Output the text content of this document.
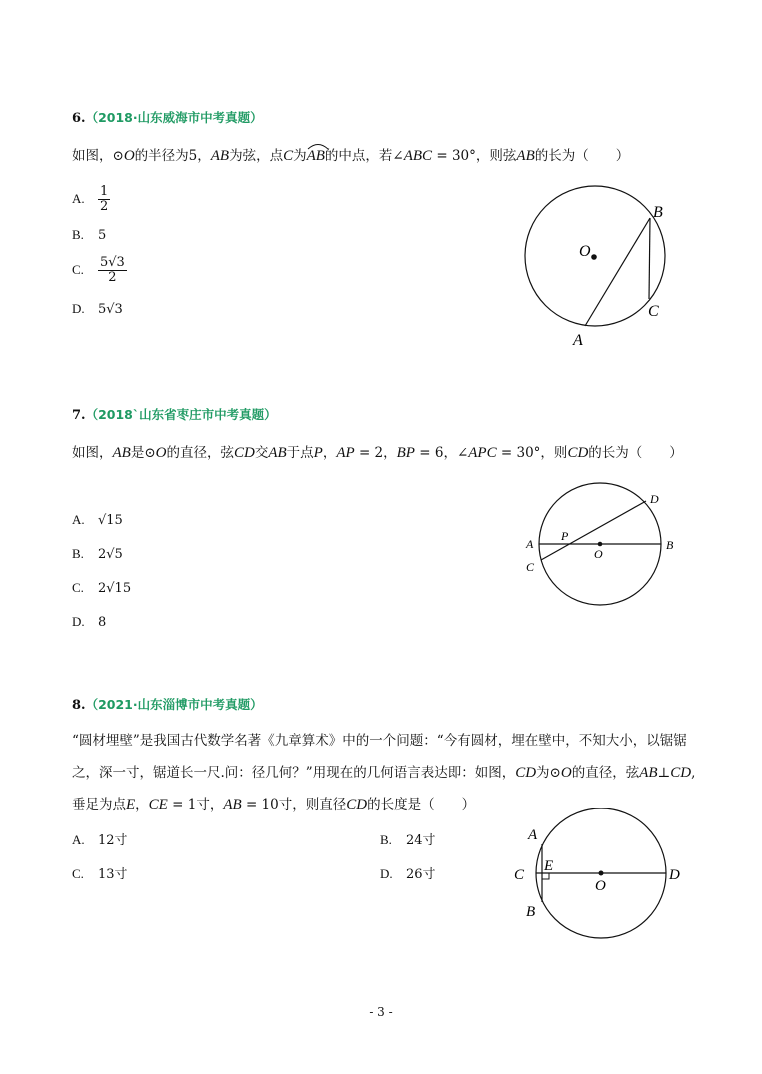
6.（2018·山东威海市中考真题）
如图，⊙O的半径为5，AB为弦，点C为AB
的中点，若∠ABC = 30°，则弦AB的长为（　　）
A. $\frac{1}{2}$
B. 5
C. $\frac{5√3}{2}$
D. 5√3
O
B
C
A
7.（2018`山东省枣庄市中考真题）
如图，AB是⊙O的直径，弦CD交AB于点P，AP = 2，BP = 6，∠APC = 30°，则CD的长为（　　）
A. √15
B. 2√5
C. 2√15
D. 8
D
A
P
O
B
C
8.（2021·山东淄博市中考真题）
“圆材埋壁”是我国古代数学名著《九章算术》中的一个问题：“今有圆材，埋在壁中，不知大小，以锯锯
之，深一寸，锯道长一尺.问：径几何？”用现在的几何语言表达即：如图，CD为⊙O的直径，弦AB⊥CD,
垂足为点E，CE = 1寸，AB = 10寸，则直径CD的长度是（　　）
A. 12寸	B. 24寸
C. 13寸	D. 26寸
A
C
E
O
D
B
- 3 -
